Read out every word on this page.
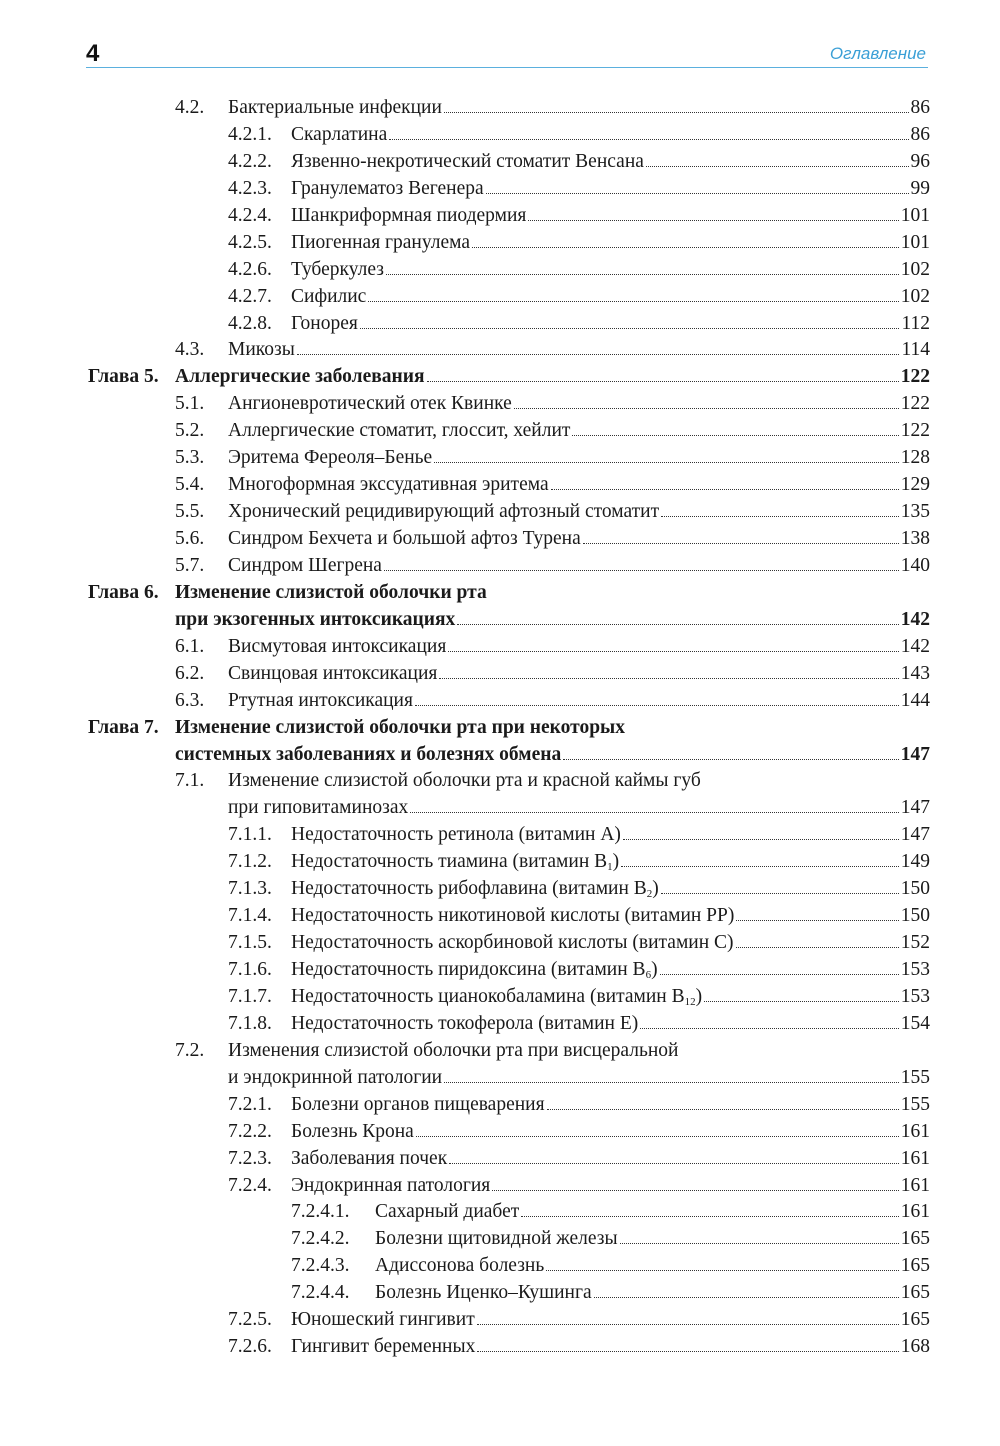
4	Оглавление
4.2. Бактериальные инфекции	86
4.2.1. Скарлатина	86
4.2.2. Язвенно-некротический стоматит Венсана	96
4.2.3. Гранулематоз Вегенера	99
4.2.4. Шанкриформная пиодермия	101
4.2.5. Пиогенная гранулема	101
4.2.6. Туберкулез	102
4.2.7. Сифилис	102
4.2.8. Гонорея	112
4.3. Микозы	114
Глава 5. Аллергические заболевания	122
5.1. Ангионевротический отек Квинке	122
5.2. Аллергические стоматит, глоссит, хейлит	122
5.3. Эритема Фереоля–Бенье	128
5.4. Многоформная экссудативная эритема	129
5.5. Хронический рецидивирующий афтозный стоматит	135
5.6. Синдром Бехчета и большой афтоз Турена	138
5.7. Синдром Шегрена	140
Глава 6. Изменение слизистой оболочки рта
при экзогенных интоксикациях	142
6.1. Висмутовая интоксикация	142
6.2. Свинцовая интоксикация	143
6.3. Ртутная интоксикация	144
Глава 7. Изменение слизистой оболочки рта при некоторых
системных заболеваниях и болезнях обмена	147
7.1. Изменение слизистой оболочки рта и красной каймы губ
при гиповитаминозах	147
7.1.1. Недостаточность ретинола (витамин А)	147
7.1.2. Недостаточность тиамина (витамин $B_1$)	149
7.1.3. Недостаточность рибофлавина (витамин $B_2$)	150
7.1.4. Недостаточность никотиновой кислоты (витамин PP)	150
7.1.5. Недостаточность аскорбиновой кислоты (витамин С)	152
7.1.6. Недостаточность пиридоксина (витамин $B_6$)	153
7.1.7. Недостаточность цианокобаламина (витамин $B_{12}$)	153
7.1.8. Недостаточность токоферола (витамин Е)	154
7.2. Изменения слизистой оболочки рта при висцеральной
и эндокринной патологии	155
7.2.1. Болезни органов пищеварения	155
7.2.2. Болезнь Крона	161
7.2.3. Заболевания почек	161
7.2.4. Эндокринная патология	161
7.2.4.1. Сахарный диабет	161
7.2.4.2. Болезни щитовидной железы	165
7.2.4.3. Адиссонова болезнь	165
7.2.4.4. Болезнь Иценко–Кушинга	165
7.2.5. Юношеский гингивит	165
7.2.6. Гингивит беременных	168
